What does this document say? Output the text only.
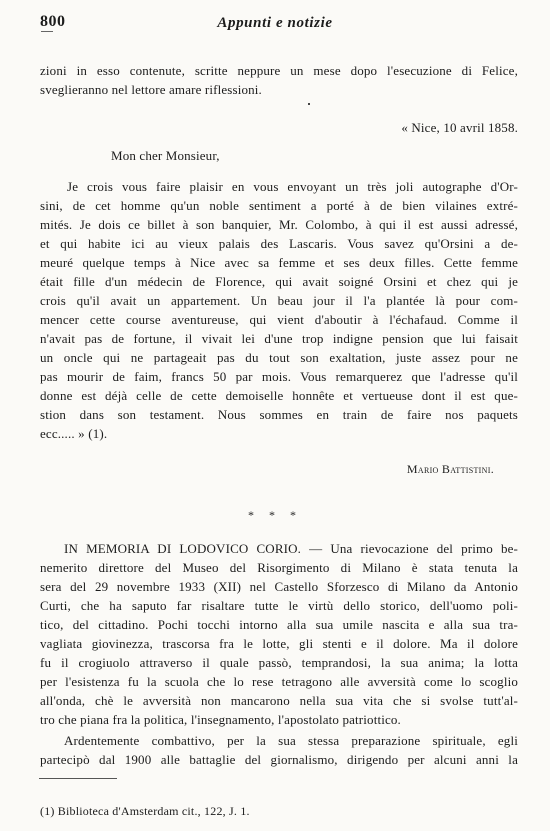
800	Appunti e notizie
zioni in esso contenute, scritte neppure un mese dopo l'esecuzione di Felice,
sveglieranno nel lettore amare riflessioni.
« Nice, 10 avril 1858.
Mon cher Monsieur,
Je crois vous faire plaisir en vous envoyant un très joli autographe d'Or-
sini, de cet homme qu'un noble sentiment a porté à de bien vilaines extré-
mités. Je dois ce billet à son banquier, Mr. Colombo, à qui il est aussi adressé,
et qui habite ici au vieux palais des Lascaris. Vous savez qu'Orsini a de-
meuré quelque temps à Nice avec sa femme et ses deux filles. Cette femme
était fille d'un médecin de Florence, qui avait soigné Orsini et chez qui je
crois qu'il avait un appartement. Un beau jour il l'a plantée là pour com-
mencer cette course aventureuse, qui vient d'aboutir à l'échafaud. Comme il
n'avait pas de fortune, il vivait lei d'une trop indigne pension que lui faisait
un oncle qui ne partageait pas du tout son exaltation, juste assez pour ne
pas mourir de faim, francs 50 par mois. Vous remarquerez que l'adresse qu'il
donne est déjà celle de cette demoiselle honnête et vertueuse dont il est que-
stion dans son testament. Nous sommes en train de faire nos paquets
ecc..... » (1).
Mario Battistini.
* * *
IN MEMORIA DI LODOVICO CORIO. — Una rievocazione del primo be-
nemerito direttore del Museo del Risorgimento di Milano è stata tenuta la
sera del 29 novembre 1933 (XII) nel Castello Sforzesco di Milano da Antonio
Curti, che ha saputo far risaltare tutte le virtù dello storico, dell'uomo poli-
tico, del cittadino. Pochi tocchi intorno alla sua umile nascita e alla sua tra-
vagliata giovinezza, trascorsa fra le lotte, gli stenti e il dolore. Ma il dolore
fu il crogiuolo attraverso il quale passò, temprandosi, la sua anima; la lotta
per l'esistenza fu la scuola che lo rese tetragono alle avversità come lo scoglio
all'onda, chè le avversità non mancarono nella sua vita che si svolse tutt'al-
tro che piana fra la politica, l'insegnamento, l'apostolato patriottico.
Ardentemente combattivo, per la sua stessa preparazione spirituale, egli
partecipò dal 1900 alle battaglie del giornalismo, dirigendo per alcuni anni la
(1) Biblioteca d'Amsterdam cit., 122, J. 1.
